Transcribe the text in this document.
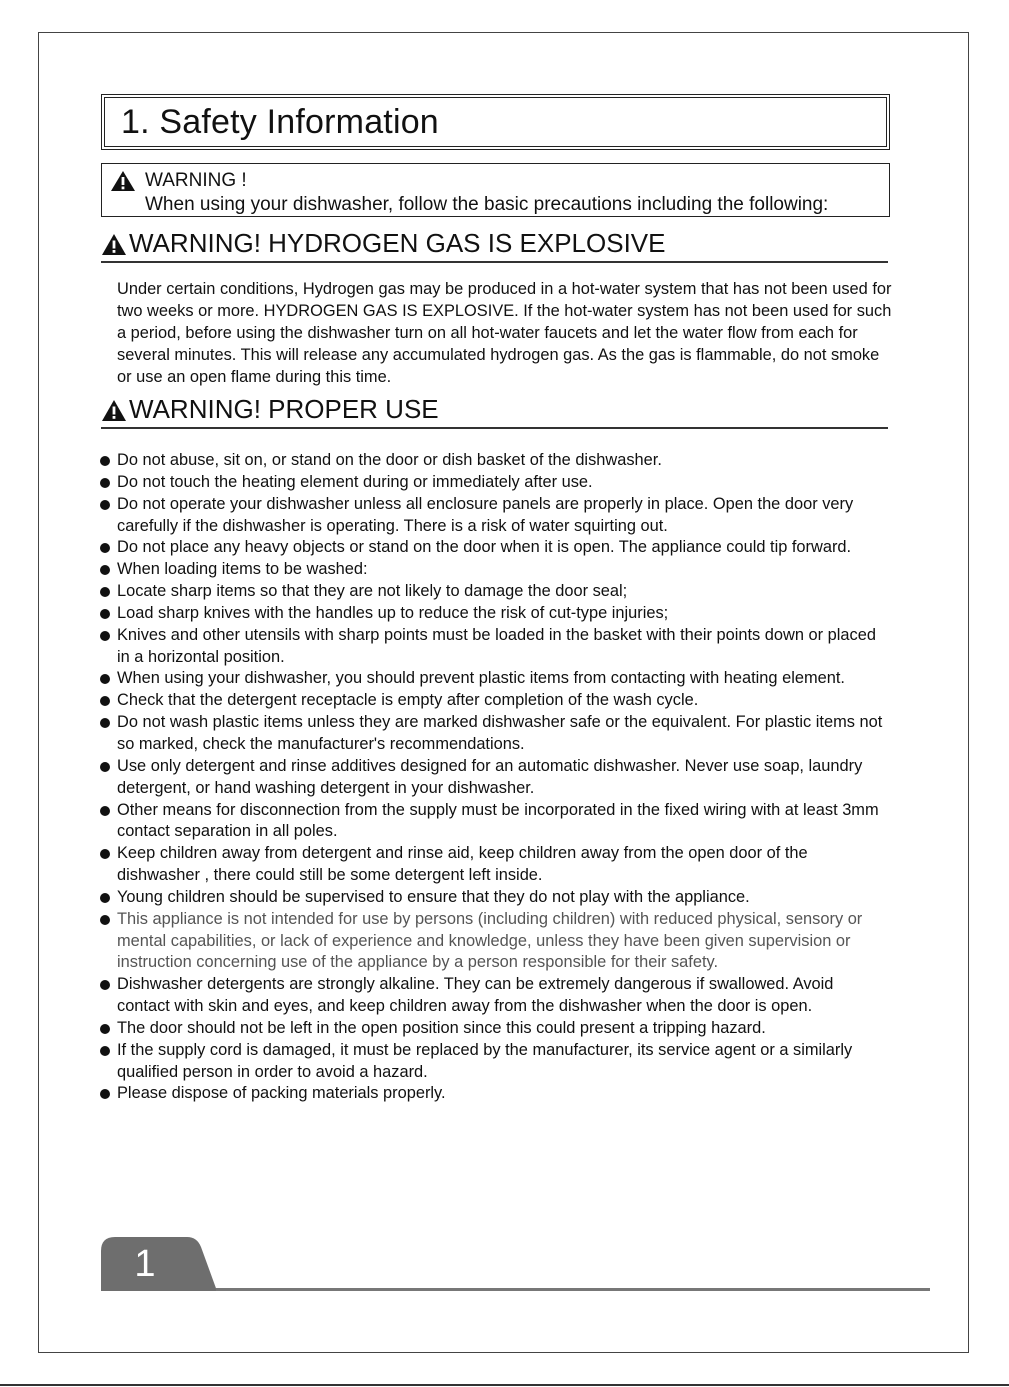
1. Safety Information
WARNING !
When using your dishwasher, follow the basic precautions including the following:
WARNING! HYDROGEN GAS IS EXPLOSIVE
Under certain conditions, Hydrogen gas may be produced in a hot-water system that has not been used for two weeks or more. HYDROGEN GAS IS EXPLOSIVE. If the hot-water system has not been used for such a period, before using the dishwasher turn on all hot-water faucets and let the water flow from each for several minutes. This will release any accumulated hydrogen gas. As the gas is flammable, do not smoke or use an open flame during this time.
WARNING! PROPER USE
Do not abuse, sit on, or stand on the door or dish basket of the dishwasher.
Do not touch the heating element during or immediately after use.
Do not operate your dishwasher unless all enclosure panels are properly in place. Open the door very carefully if the dishwasher is operating. There is a risk of water squirting out.
Do not place any heavy objects or stand on the door when it is open. The appliance could tip forward.
When loading items to be washed:
Locate sharp items so that they are not likely to damage the door seal;
Load sharp knives with the handles up to reduce the risk of cut-type injuries;
Knives and other utensils with sharp points must be loaded in the basket with their points down or placed in a horizontal position.
When using your dishwasher, you should prevent plastic items from contacting with heating element.
Check that the detergent receptacle is empty after completion of the wash cycle.
Do not wash plastic items unless they are marked dishwasher safe or the equivalent. For plastic items not so marked, check the manufacturer's recommendations.
Use only detergent and rinse additives designed for an automatic dishwasher. Never use soap, laundry detergent, or hand washing detergent in your dishwasher.
Other means for disconnection from the supply must be incorporated in the fixed wiring with at least 3mm contact separation in all poles.
Keep children away from detergent and rinse aid, keep children away from the open door of the dishwasher , there could still be some detergent left inside.
Young children should be supervised to ensure that they do not play with the appliance.
This appliance is not intended for use by persons (including children) with reduced physical, sensory or mental capabilities, or lack of experience and knowledge, unless they have been given supervision or instruction concerning use of the appliance by a person responsible for their safety.
Dishwasher detergents are strongly alkaline. They can be extremely dangerous if swallowed. Avoid contact with skin and eyes, and keep children away from the dishwasher when the door is open.
The door should not be left in the open position since this could present a tripping hazard.
If the supply cord is damaged, it must be replaced by the manufacturer, its service agent or a similarly qualified person in order to avoid a hazard.
Please dispose of packing materials properly.
1
